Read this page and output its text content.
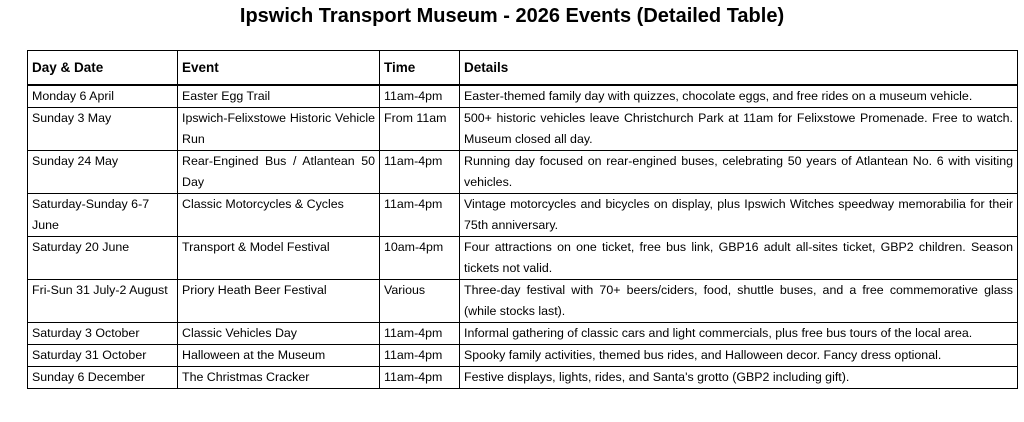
Ipswich Transport Museum - 2026 Events (Detailed Table)
Day & Date	Event	Time	Details
Monday 6 April	Easter Egg Trail	11am-4pm	Easter-themed family day with quizzes, chocolate eggs, and free rides on a museum vehicle.
Sunday 3 May	Ipswich-Felixstowe Historic Vehicle Run	From 11am	500+ historic vehicles leave Christchurch Park at 11am for Felixstowe Promenade. Free to watch. Museum closed all day.
Sunday 24 May	Rear-Engined Bus / Atlantean 50 Day	11am-4pm	Running day focused on rear-engined buses, celebrating 50 years of Atlantean No. 6 with visiting vehicles.
Saturday-Sunday 6-7 June	Classic Motorcycles & Cycles	11am-4pm	Vintage motorcycles and bicycles on display, plus Ipswich Witches speedway memorabilia for their 75th anniversary.
Saturday 20 June	Transport & Model Festival	10am-4pm	Four attractions on one ticket, free bus link, GBP16 adult all-sites ticket, GBP2 children. Season tickets not valid.
Fri-Sun 31 July-2 August	Priory Heath Beer Festival	Various	Three-day festival with 70+ beers/ciders, food, shuttle buses, and a free commemorative glass (while stocks last).
Saturday 3 October	Classic Vehicles Day	11am-4pm	Informal gathering of classic cars and light commercials, plus free bus tours of the local area.
Saturday 31 October	Halloween at the Museum	11am-4pm	Spooky family activities, themed bus rides, and Halloween decor. Fancy dress optional.
Sunday 6 December	The Christmas Cracker	11am-4pm	Festive displays, lights, rides, and Santa's grotto (GBP2 including gift).
